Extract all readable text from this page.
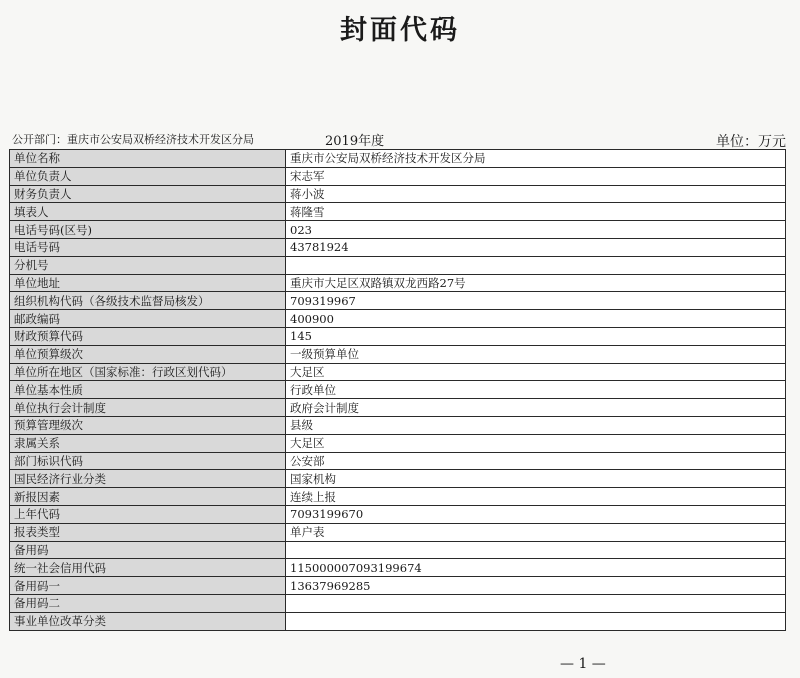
封面代码
公开部门：重庆市公安局双桥经济技术开发区分局	2019年度	单位：万元
单位名称	重庆市公安局双桥经济技术开发区分局
单位负责人	宋志军
财务负责人	蒋小波
填表人	蒋隆雪
电话号码(区号)	023
电话号码	43781924
分机号	
单位地址	重庆市大足区双路镇双龙西路27号
组织机构代码（各级技术监督局核发）	709319967
邮政编码	400900
财政预算代码	145
单位预算级次	一级预算单位
单位所在地区（国家标准：行政区划代码）	大足区
单位基本性质	行政单位
单位执行会计制度	政府会计制度
预算管理级次	县级
隶属关系	大足区
部门标识代码	公安部
国民经济行业分类	国家机构
新报因素	连续上报
上年代码	7093199670
报表类型	单户表
备用码	
统一社会信用代码	115000007093199674
备用码一	13637969285
备用码二	
事业单位改革分类	
— 1 —
